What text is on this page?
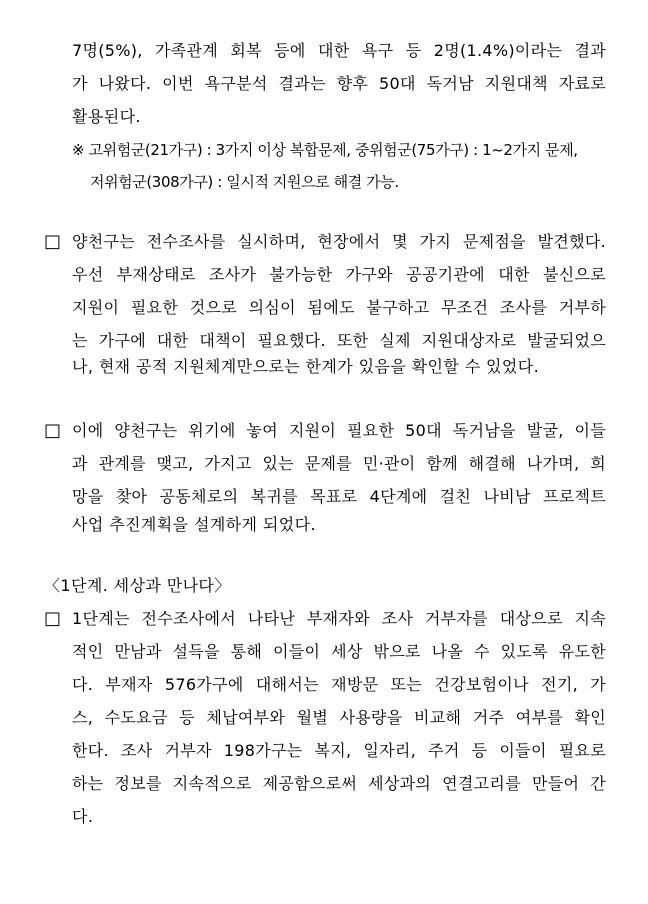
7명(5%), 가족관계 회복 등에 대한 욕구 등 2명(1.4%)이라는 결과

가 나왔다. 이번 욕구분석 결과는 향후 50대 독거남 지원대책 자료로

활용된다.

※ 고위험군(21가구) : 3가지 이상 복합문제, 중위험군(75가구) : 1~2가지 문제,

저위험군(308가구) : 일시적 지원으로 해결 가능.

□ 양천구는 전수조사를 실시하며, 현장에서 몇 가지 문제점을 발견했다.

우선 부재상태로 조사가 불가능한 가구와 공공기관에 대한 불신으로

지원이 필요한 것으로 의심이 됨에도 불구하고 무조건 조사를 거부하

는 가구에 대한 대책이 필요했다. 또한 실제 지원대상자로 발굴되었으

나, 현재 공적 지원체계만으로는 한계가 있음을 확인할 수 있었다.

□ 이에 양천구는 위기에 놓여 지원이 필요한 50대 독거남을 발굴, 이들

과 관계를 맺고, 가지고 있는 문제를 민·관이 함께 해결해 나가며, 희

망을 찾아 공동체로의 복귀를 목표로 4단계에 걸친 나비남 프로젝트

사업 추진계획을 설계하게 되었다.

〈1단계. 세상과 만나다〉

□ 1단계는 전수조사에서 나타난 부재자와 조사 거부자를 대상으로 지속

적인 만남과 설득을 통해 이들이 세상 밖으로 나올 수 있도록 유도한

다. 부재자 576가구에 대해서는 재방문 또는 건강보험이나 전기, 가

스, 수도요금 등 체납여부와 월별 사용량을 비교해 거주 여부를 확인

한다. 조사 거부자 198가구는 복지, 일자리, 주거 등 이들이 필요로

하는 정보를 지속적으로 제공함으로써 세상과의 연결고리를 만들어 간

다.
